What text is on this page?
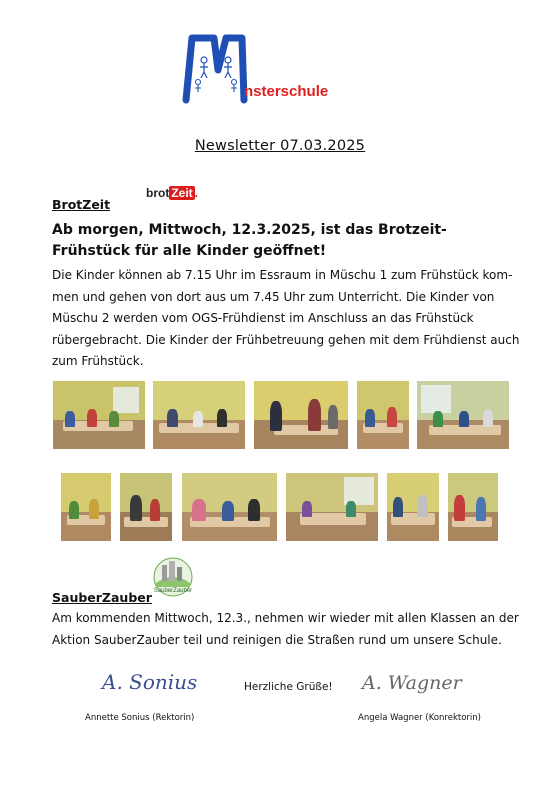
nsterschule
Newsletter 07.03.2025
BrotZeit
brot Zeit .
Ab morgen, Mittwoch, 12.3.2025, ist das Brotzeit-Frühstück für alle Kinder geöffnet!
Die Kinder können ab 7.15 Uhr im Essraum in Müschu 1 zum Frühstück kom-men und gehen von dort aus um 7.45 Uhr zum Unterricht. Die Kinder von Müschu 2 werden vom OGS-Frühdienst im Anschluss an das Frühstück rübergebracht. Die Kinder der Frühbetreuung gehen mit dem Frühdienst auch zum Frühstück.
SauberZauber
SauberZauber
Am kommenden Mittwoch, 12.3., nehmen wir wieder mit allen Klassen an der Aktion SauberZauber teil und reinigen die Straßen rund um unsere Schule.
A. Sonius	Herzliche Grüße! A. Wagner
Annette Sonius (Rektorin)	Angela Wagner (Konrektorin)
